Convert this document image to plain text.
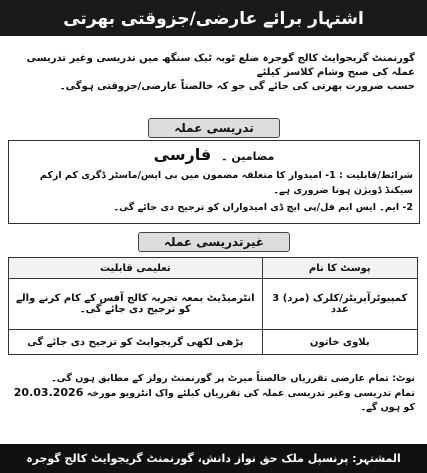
اشتہار برائے عارضی/جزوقتی بھرتی
گورنمنٹ گریجوایٹ کالج گوجرہ ضلع ٹوبہ ٹیک سنگھ میں تدریسی وغیر تدریسی عملہ کی صبح وشام کلاسز کیلئے
حسب ضرورت بھرتی کی جائے گی جو کہ خالصتاً عارضی/جزوقتی ہوگی۔
تدریسی عملہ
مضامین ۔ فارسی
شرائط/قابلیت : 1- امیدوار کا متعلقہ مضمون میں بی ایس/ماسٹر ڈگری کم ازکم سیکنڈ ڈویژن ہونا ضروری ہے۔
2- ایم۔ ایس ایم فل/پی ایچ ڈی امیدواران کو ترجیح دی جائے گی۔
غیرتدریسی عملہ
پوسٹ کا نام	تعلیمی قابلیت
کمپیوٹرآپریٹر/کلرک (مرد) 3 عدد	انٹرمیڈیٹ بمعہ تجربہ کالج آفس کے کام کرنے والے کو ترجیح دی جائے گی۔
بلاوی خاتون	پڑھی لکھی گریجوایٹ کو ترجیح دی جائے گی
نوٹ: تمام عارضی تقرریاں خالصتاً میرٹ پر گورنمنٹ رولز کے مطابق ہوں گی۔
تمام تدریسی وغیر تدریسی عملہ کی تقرریاں کیلئے واک انٹرویو مورخہ 20.03.2026 کو ہوں گے۔
المشتہر: پرنسپل ملک حق نواز دانش، گورنمنٹ گریجوایٹ کالج گوجرہ
